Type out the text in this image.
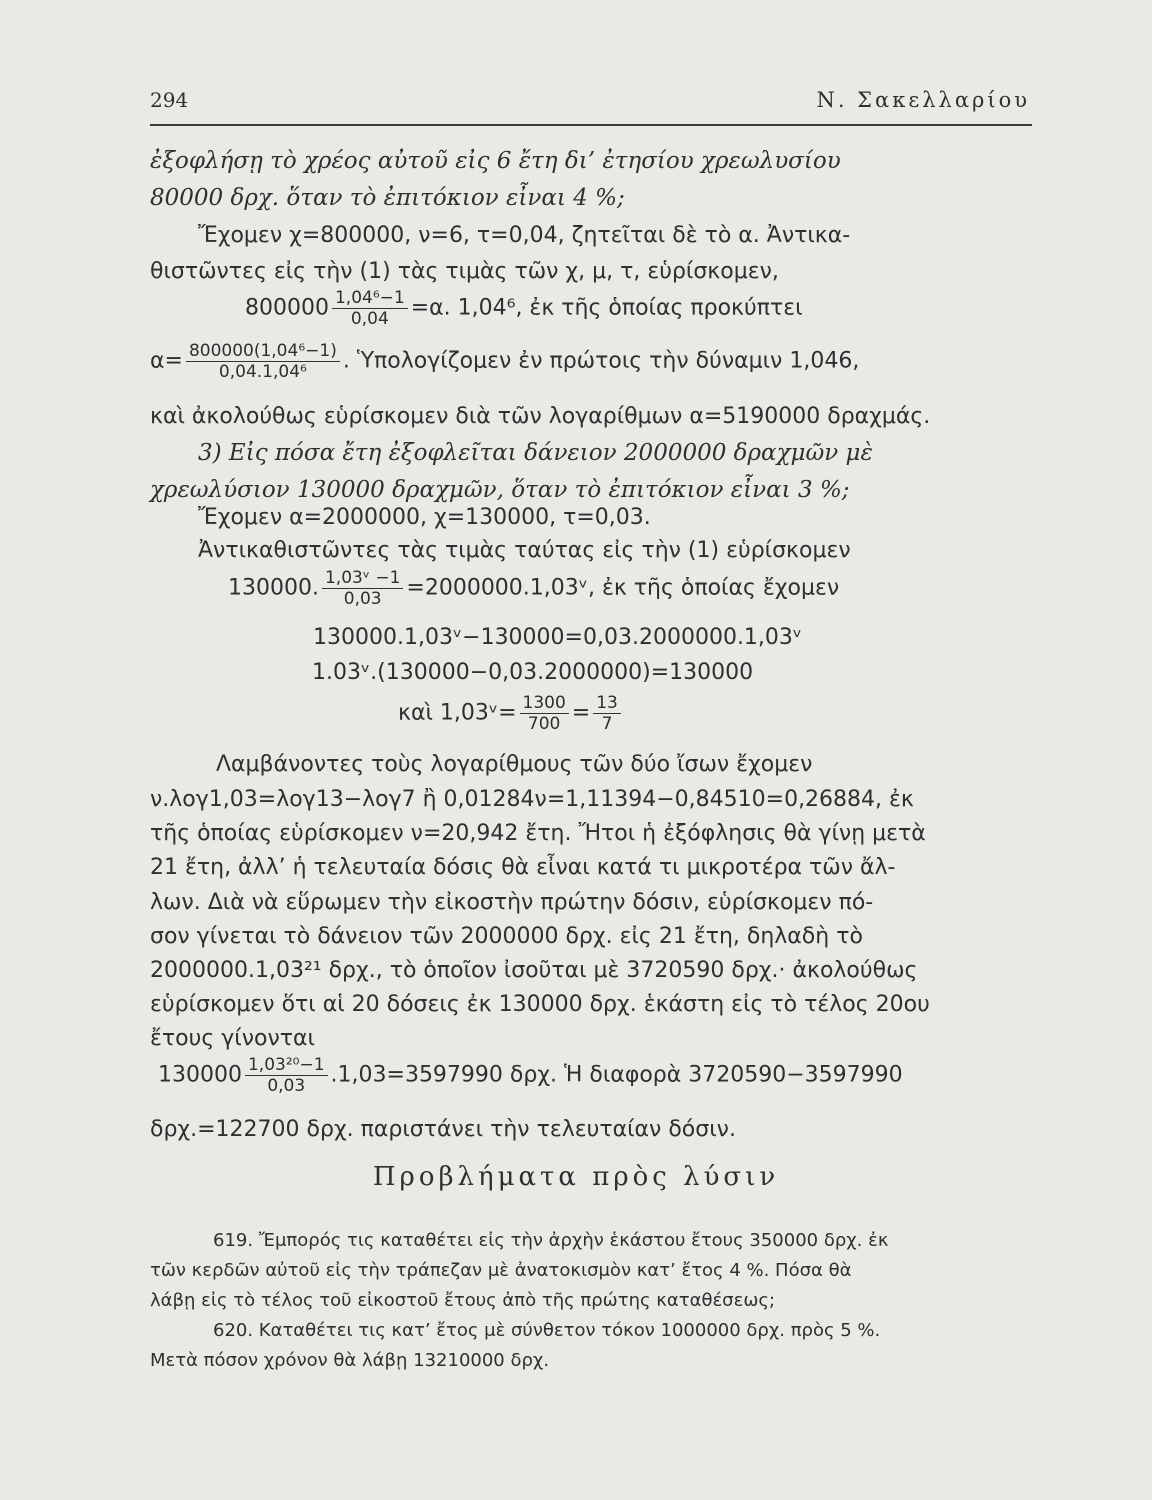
294	Ν. Σακελλαρίου
ἐξοφλήσῃ τὸ χρέος αὐτοῦ εἰς 6 ἔτη δι’ ἐτησίου χρεωλυσίου
80000 δρχ. ὅταν τὸ ἐπιτόκιον εἶναι 4 %;
Ἔχομεν χ=800000, ν=6, τ=0,04, ζητεῖται δὲ τὸ α. Ἀντικα-
θιστῶντες εἰς τὴν (1) τὰς τιμὰς τῶν χ, μ, τ, εὑρίσκομεν,
$800000 \frac{\text{1,04⁶−1}}{0,04} =\alpha$. 1,04⁶, ἐκ τῆς ὁποίας προκύπτει
$\alpha= \frac{\text{800000(1,04⁶−1)}}{\text{0,04.1,04⁶}}$ . Ὑπολογίζομεν ἐν πρώτοις τὴν δύναμιν 1,046,
καὶ ἀκολούθως εὑρίσκομεν διὰ τῶν λογαρίθμων α=5190000 δραχμάς.
3) Εἰς πόσα ἔτη ἐξοφλεῖται δάνειον 2000000 δραχμῶν μὲ
χρεωλύσιον 130000 δραχμῶν, ὅταν τὸ ἐπιτόκιον εἶναι 3 %;
Ἔχομεν α=2000000, χ=130000, τ=0,03.
Ἀντικαθιστῶντες τὰς τιμὰς ταύτας εἰς τὴν (1) εὑρίσκομεν
130000. $\frac{\text{1,03ᵛ −1}}{0,03}$ =2000000.1,03ᵛ, ἐκ τῆς ὁποίας ἔχομεν
130000.1,03ᵛ−130000=0,03.2000000.1,03ᵛ
1.03ᵛ.(130000−0,03.2000000)=130000
καὶ 1,03ᵛ= $\frac{1300}{700} = \frac{13}{7}$
Λαμβάνοντες τοὺς λογαρίθμους τῶν δύο ἴσων ἔχομεν
ν.λογ1,03=λογ13−λογ7 ἢ 0,01284ν=1,11394−0,84510=0,26884, ἐκ
τῆς ὁποίας εὑρίσκομεν ν=20,942 ἔτη. Ἤτοι ἡ ἐξόφλησις θὰ γίνῃ μετὰ
21 ἔτη, ἀλλ’ ἡ τελευταία δόσις θὰ εἶναι κατά τι μικροτέρα τῶν ἄλ-
λων. Διὰ νὰ εὕρωμεν τὴν εἰκοστὴν πρώτην δόσιν, εὑρίσκομεν πό-
σον γίνεται τὸ δάνειον τῶν 2000000 δρχ. εἰς 21 ἔτη, δηλαδὴ τὸ
2000000.1,03²¹ δρχ., τὸ ὁποῖον ἰσοῦται μὲ 3720590 δρχ.· ἀκολούθως
εὑρίσκομεν ὅτι αἱ 20 δόσεις ἐκ 130000 δρχ. ἑκάστη εἰς τὸ τέλος 20ου
ἔτους γίνονται
$130000 \frac{\text{1,03²⁰−1}}{0,03} .1,03=3597990$ δρχ. Ἡ διαφορὰ 3720590−3597990
δρχ.=122700 δρχ. παριστάνει τὴν τελευταίαν δόσιν.
Προβλήματα πρὸς λύσιν
619. Ἔμπορός τις καταθέτει εἰς τὴν ἀρχὴν ἑκάστου ἔτους 350000 δρχ. ἐκ
τῶν κερδῶν αὐτοῦ εἰς τὴν τράπεζαν μὲ ἀνατοκισμὸν κατ’ ἔτος 4 %. Πόσα θὰ
λάβῃ εἰς τὸ τέλος τοῦ εἰκοστοῦ ἔτους ἀπὸ τῆς πρώτης καταθέσεως;
620. Καταθέτει τις κατ’ ἔτος μὲ σύνθετον τόκον 1000000 δρχ. πρὸς 5 %.
Μετὰ πόσον χρόνον θὰ λάβῃ 13210000 δρχ.
